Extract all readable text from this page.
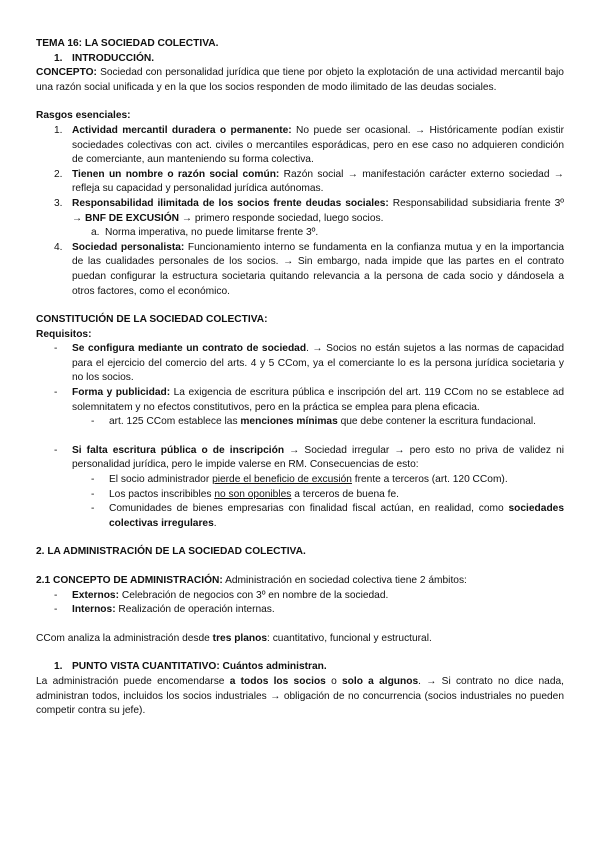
TEMA 16: LA SOCIEDAD COLECTIVA.

1. INTRODUCCIÓN.

CONCEPTO: Sociedad con personalidad jurídica que tiene por objeto la explotación de una actividad mercantil bajo una razón social unificada y en la que los socios responden de modo ilimitado de las deudas sociales.

Rasgos esenciales:

1. Actividad mercantil duradera o permanente: No puede ser ocasional. → Históricamente podían existir sociedades colectivas con act. civiles o mercantiles esporádicas, pero en ese caso no adquieren condición de comerciante, aun manteniendo su forma colectiva.
2. Tienen un nombre o razón social común: Razón social → manifestación carácter externo sociedad → refleja su capacidad y personalidad jurídica autónomas.
3. Responsabilidad ilimitada de los socios frente deudas sociales: Responsabilidad subsidiaria frente 3º → BNF DE EXCUSIÓN → primero responde sociedad, luego socios.
a. Norma imperativa, no puede limitarse frente 3º.
4. Sociedad personalista: Funcionamiento interno se fundamenta en la confianza mutua y en la importancia de las cualidades personales de los socios. → Sin embargo, nada impide que las partes en el contrato puedan configurar la estructura societaria quitando relevancia a la persona de cada socio y dándosela a otros factores, como el económico.

CONSTITUCIÓN DE LA SOCIEDAD COLECTIVA:

Requisitos:

-	Se configura mediante un contrato de sociedad. → Socios no están sujetos a las normas de capacidad para el ejercicio del comercio del arts. 4 y 5 CCom, ya el comerciante lo es la persona jurídica societaria y no los socios.
-	Forma y publicidad: La exigencia de escritura pública e inscripción del art. 119 CCom no se establece ad solemnitatem y no efectos constitutivos, pero en la práctica se emplea para plena eficacia.
-	art. 125 CCom establece las menciones mínimas que debe contener la escritura fundacional.
-	Si falta escritura pública o de inscripción → Sociedad irregular → pero esto no priva de validez ni personalidad jurídica, pero le impide valerse en RM. Consecuencias de esto:
-	El socio administrador pierde el beneficio de excusión frente a terceros (art. 120 CCom).
-	Los pactos inscribibles no son oponibles a terceros de buena fe.
-	Comunidades de bienes empresarias con finalidad fiscal actúan, en realidad, como sociedades colectivas irregulares.

2. LA ADMINISTRACIÓN DE LA SOCIEDAD COLECTIVA.

2.1 CONCEPTO DE ADMINISTRACIÓN: Administración en sociedad colectiva tiene 2 ámbitos:

-	Externos: Celebración de negocios con 3º en nombre de la sociedad.
-	Internos: Realización de operación internas.

CCom analiza la administración desde tres planos: cuantitativo, funcional y estructural.

1. PUNTO VISTA CUANTITATIVO: Cuántos administran.

La administración puede encomendarse a todos los socios o solo a algunos. → Si contrato no dice nada, administran todos, incluidos los socios industriales → obligación de no concurrencia (socios industriales no pueden competir contra su jefe).
